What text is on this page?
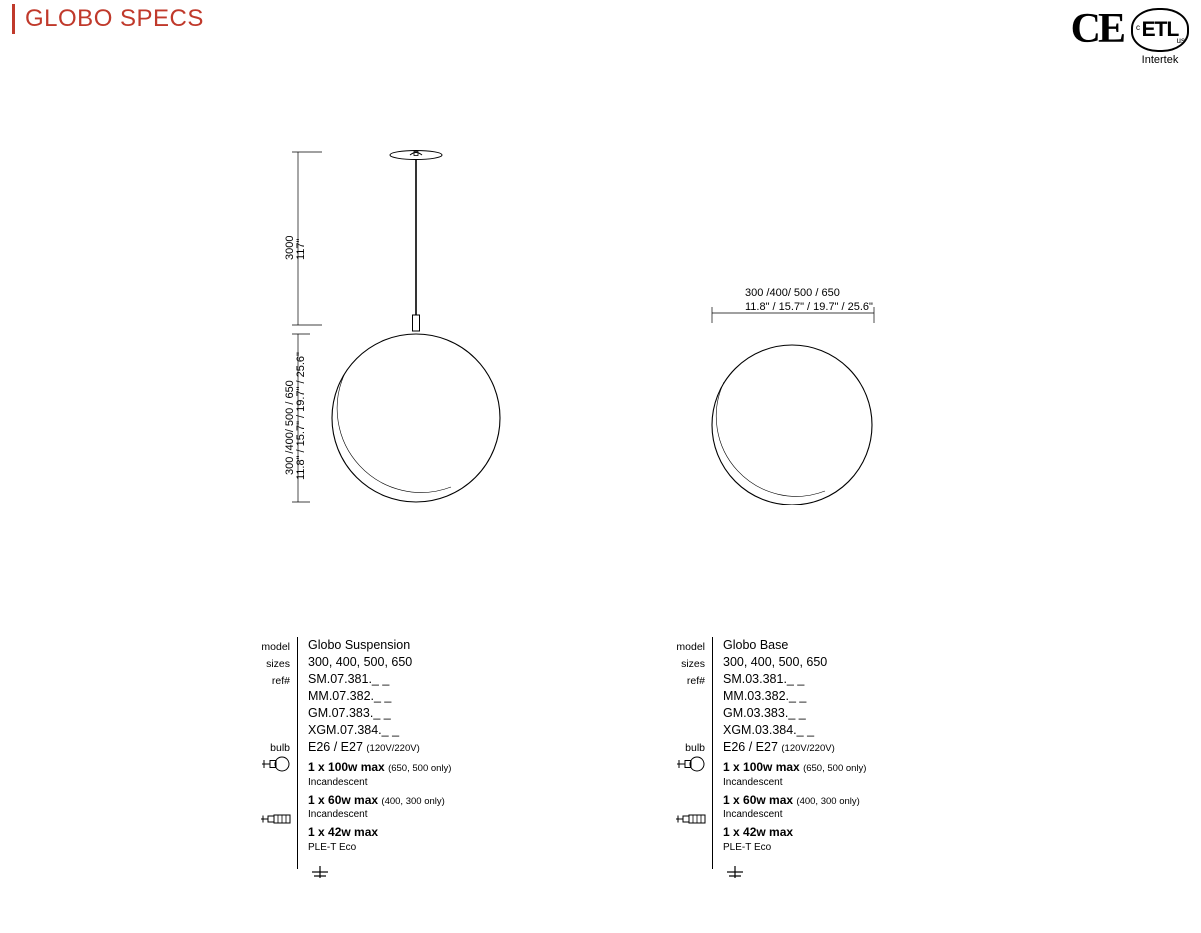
GLOBO SPECS	CE c ETL
us
Intertek
3000 117"
300 /400/ 500 / 650 11.8" / 15.7" / 19.7" / 25.6"
300 /400/ 500 / 650
11.8" / 15.7" / 19.7" / 25.6"
model
sizes
ref#
bulb
Globo Suspension
300, 400, 500, 650
SM.07.381._ _
MM.07.382._ _
GM.07.383._ _
XGM.07.384._ _
E26 / E27 (120V/220V)
1 x 100w max (650, 500 only)
Incandescent
1 x 60w max (400, 300 only)
Incandescent
1 x 42w max
PLE-T Eco
model
sizes
ref#
bulb
Globo Base
300, 400, 500, 650
SM.03.381._ _
MM.03.382._ _
GM.03.383._ _
XGM.03.384._ _
E26 / E27 (120V/220V)
1 x 100w max (650, 500 only)
Incandescent
1 x 60w max (400, 300 only)
Incandescent
1 x 42w max
PLE-T Eco
